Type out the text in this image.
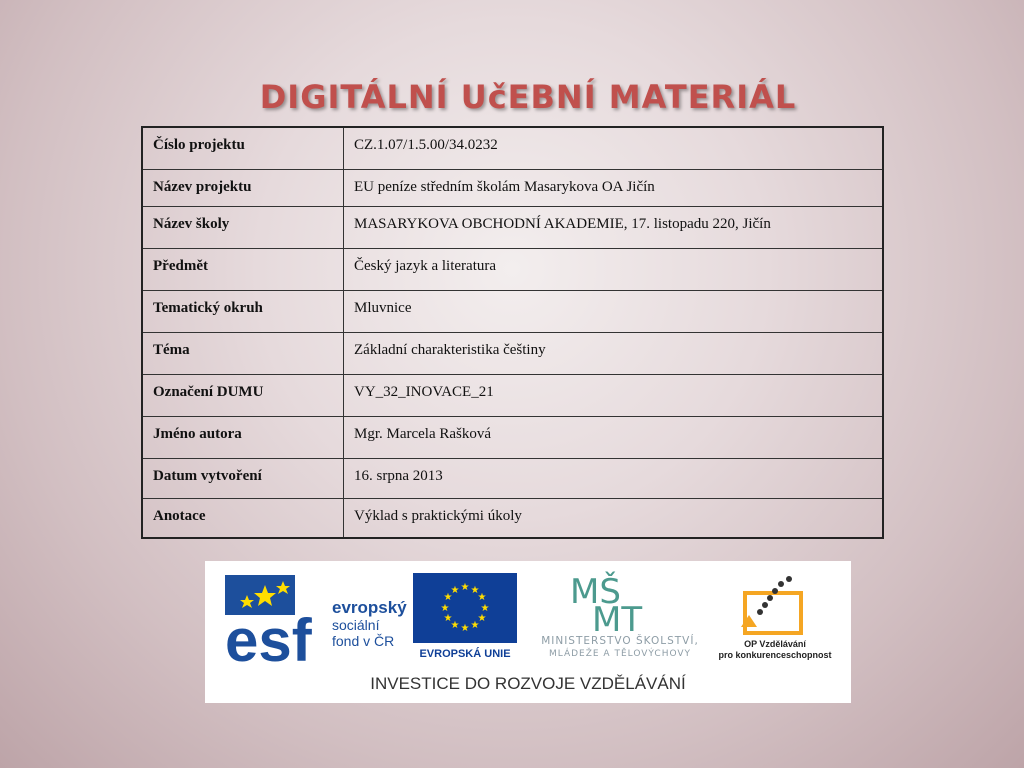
DIGITÁLNÍ UčEBNÍ MATERIÁL
Číslo projektu	CZ.1.07/1.5.00/34.0232
Název projektu	EU peníze středním školám Masarykova OA Jičín
Název školy	MASARYKOVA OBCHODNÍ AKADEMIE, 17. listopadu 220, Jičín
Předmět	Český jazyk a literatura
Tematický okruh	Mluvnice
Téma	Základní charakteristika češtiny
Označení DUMU	VY_32_INOVACE_21
Jméno autora	Mgr. Marcela Rašková
Datum vytvoření	16. srpna 2013
Anotace	Výklad s praktickými úkoly
esf evropský
sociální
fond v ČR
★ ★
★
★
★
★
★
★
★
★
★
★
EVROPSKÁ UNIE
MŠ
MT
MINISTERSTVO ŠKOLSTVÍ,
MLÁDEŽE A TĚLOVÝCHOVY
OP Vzdělávání
pro konkurenceschopnost
INVESTICE DO ROZVOJE VZDĚLÁVÁNÍ
